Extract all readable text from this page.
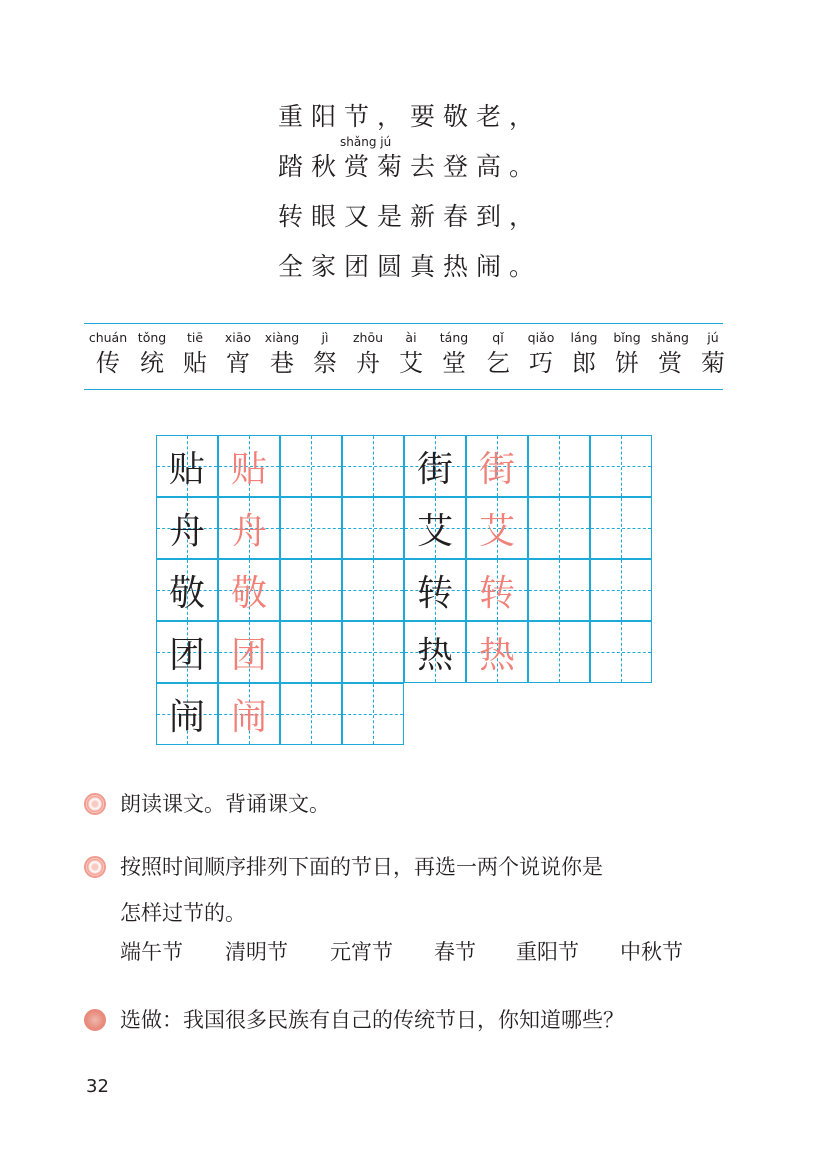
shǎng jú
重阳节，要敬老，
踏秋赏菊去登高。
转眼又是新春到，
全家团圆真热闹。
chuán
传
tǒng
统
tiē
贴
xiāo
宵
xiàng
巷
jì
祭
zhōu
舟
ài
艾
táng
堂
qǐ
乞
qiǎo
巧
láng
郎
bǐng
饼
shǎng
赏
jú
菊
贴 贴
舟 舟
敬 敬
团 团
闹 闹
街 街
艾 艾
转 转
热 热
朗读课文。背诵课文。
按照时间顺序排列下面的节日，再选一两个说说你是
怎样过节的。
端午节 清明节 元宵节 春节 重阳节 中秋节
选做：我国很多民族有自己的传统节日，你知道哪些？
32
